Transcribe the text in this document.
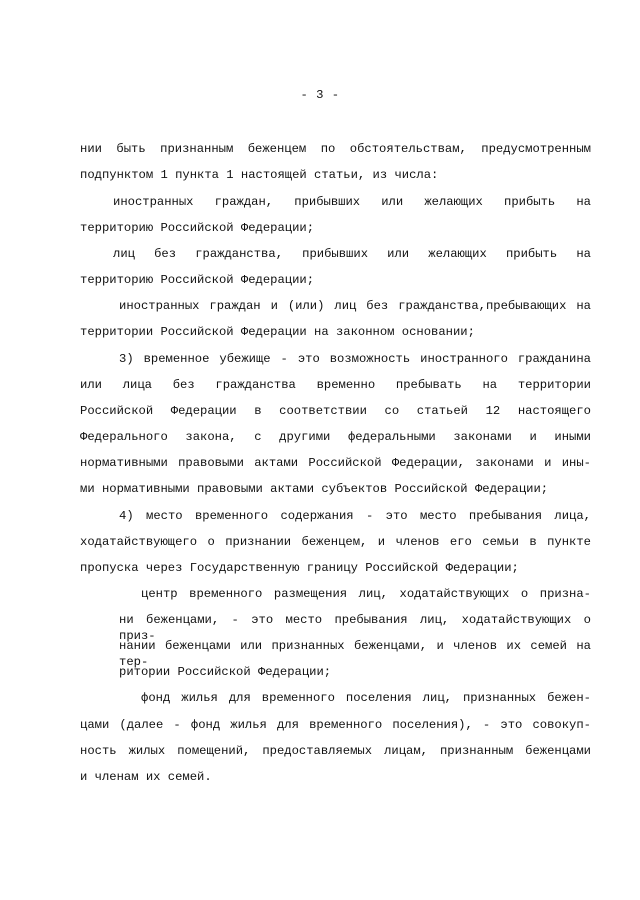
- 3 -
нии быть признанным беженцем по обстоятельствам, предусмотренным
подпунктом 1 пункта 1 настоящей статьи, из числа:
иностранных граждан, прибывших или желающих прибыть на
территорию Российской Федерации;
лиц без гражданства, прибывших или желающих прибыть на
территорию Российской Федерации;
иностранных граждан и (или) лиц без гражданства,пребывающих на
территории Российской Федерации на законном основании;
3) временное убежище - это возможность иностранного гражданина
или лица без гражданства временно пребывать на территории
Российской Федерации в соответствии со статьей 12 настоящего
Федерального закона, с другими федеральными законами и иными
нормативными правовыми актами Российской Федерации, законами и ины-
ми нормативными правовыми актами субъектов Российской Федерации;
4) место временного содержания - это место пребывания лица,
ходатайствующего о признании беженцем, и членов его семьи в пункте
пропуска через Государственную границу Российской Федерации;
центр временного размещения лиц, ходатайствующих о призна-
ни беженцами, - это место пребывания лиц, ходатайствующих о приз-
нании беженцами или признанных беженцами, и членов их семей на тер-
ритории Российской Федерации;
фонд жилья для временного поселения лиц, признанных бежен-
цами (далее - фонд жилья для временного поселения), - это совокуп-
ность жилых помещений, предоставляемых лицам, признанным беженцами
и членам их семей.
